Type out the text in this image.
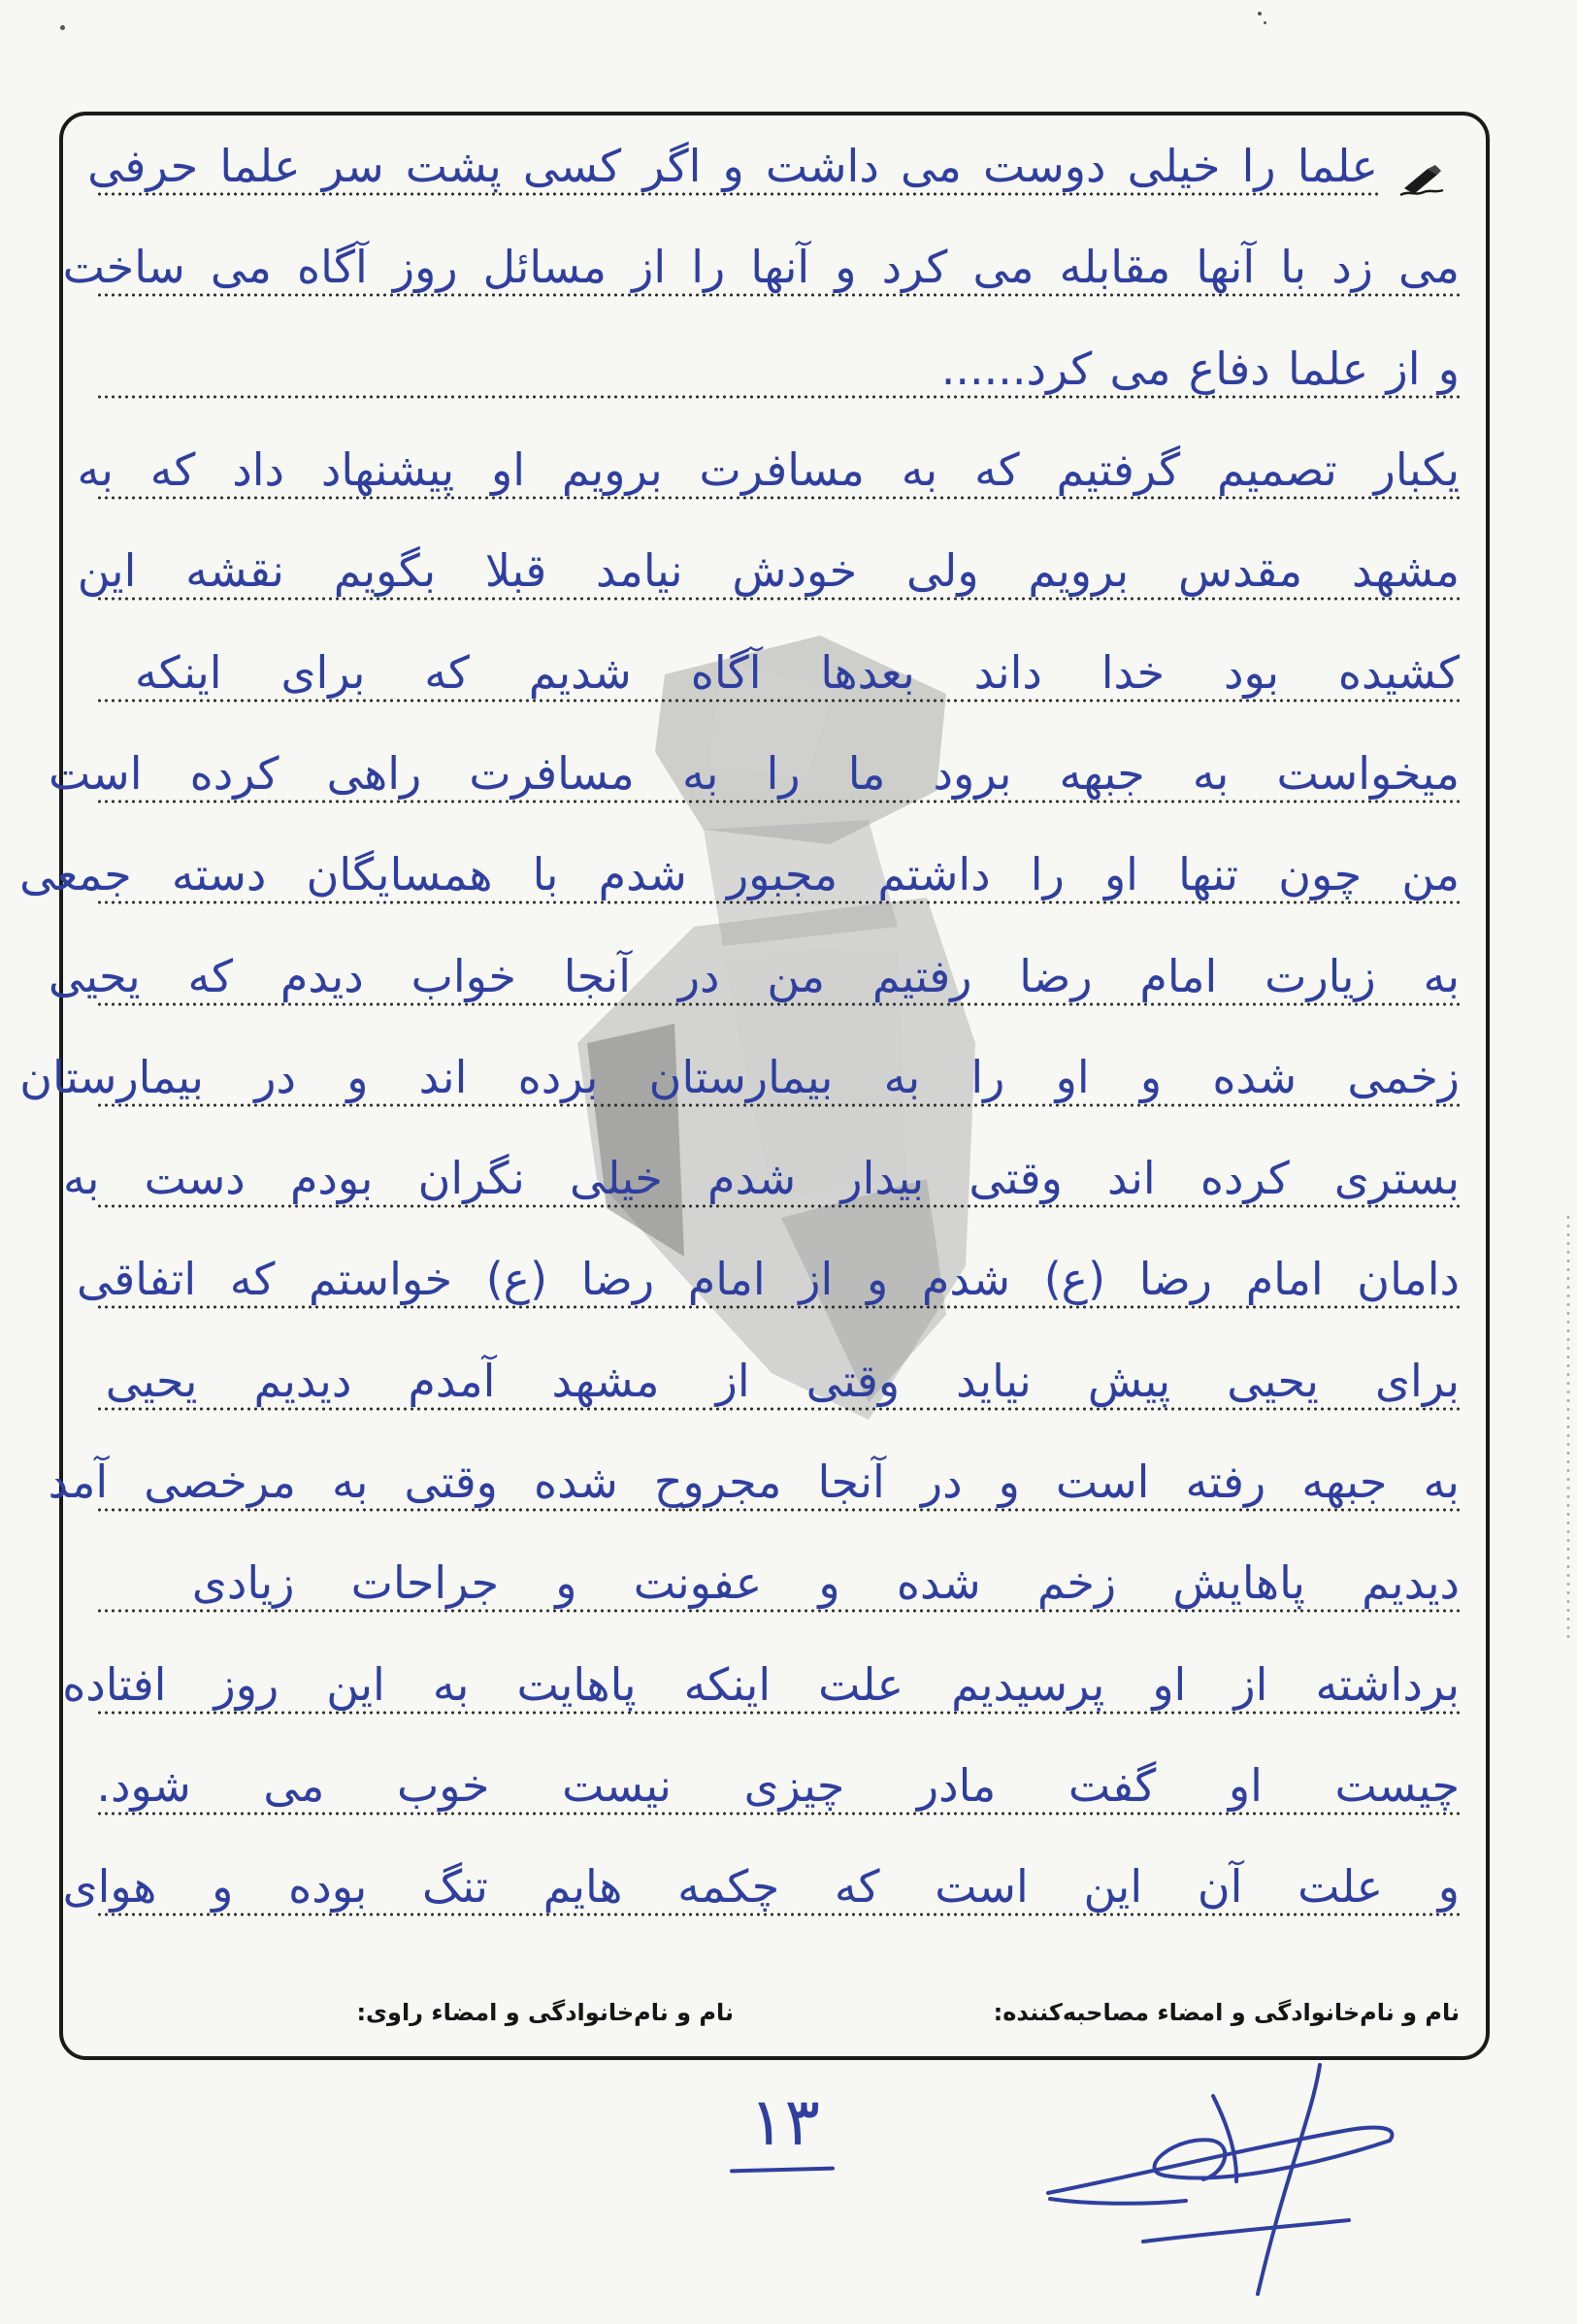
علما را خیلی دوست می داشت و اگر کسی پشت سر علما حرفی
می زد با آنها مقابله می کرد و آنها را از مسائل روز آگاه می ساخت
و از علما دفاع می کرد......
یکبار تصمیم گرفتیم که به مسافرت برویم او پیشنهاد داد که به
مشهد مقدس برویم ولی خودش نیامد قبلا بگویم نقشه این
کشیده بود خدا داند بعدها آگاه شدیم که برای اینکه
میخواست به جبهه برود ما را به مسافرت راهی کرده است
من چون تنها او را داشتم مجبور شدم با همسایگان دسته جمعی
به زیارت امام رضا رفتیم من در آنجا خواب دیدم که یحیی
زخمی شده و او را به بیمارستان برده اند و در بیمارستان
بستری کرده اند وقتی بیدار شدم خیلی نگران بودم دست به
دامان امام رضا (ع) شدم و از امام رضا (ع) خواستم که اتفاقی
برای یحیی پیش نیاید وقتی از مشهد آمدم دیدیم یحیی
به جبهه رفته است و در آنجا مجروح شده وقتی به مرخصی آمد
دیدیم پاهایش زخم شده و عفونت و جراحات زیادی
برداشته از او پرسیدیم علت اینکه پاهایت به این روز افتاده
چیست او گفت مادر چیزی نیست خوب می شود.
و علت آن این است که چکمه هایم تنگ بوده و هوای
نام و نام‌خانوادگی و امضاء مصاحبه‌کننده:
نام و نام‌خانوادگی و امضاء راوی:
۱۳
